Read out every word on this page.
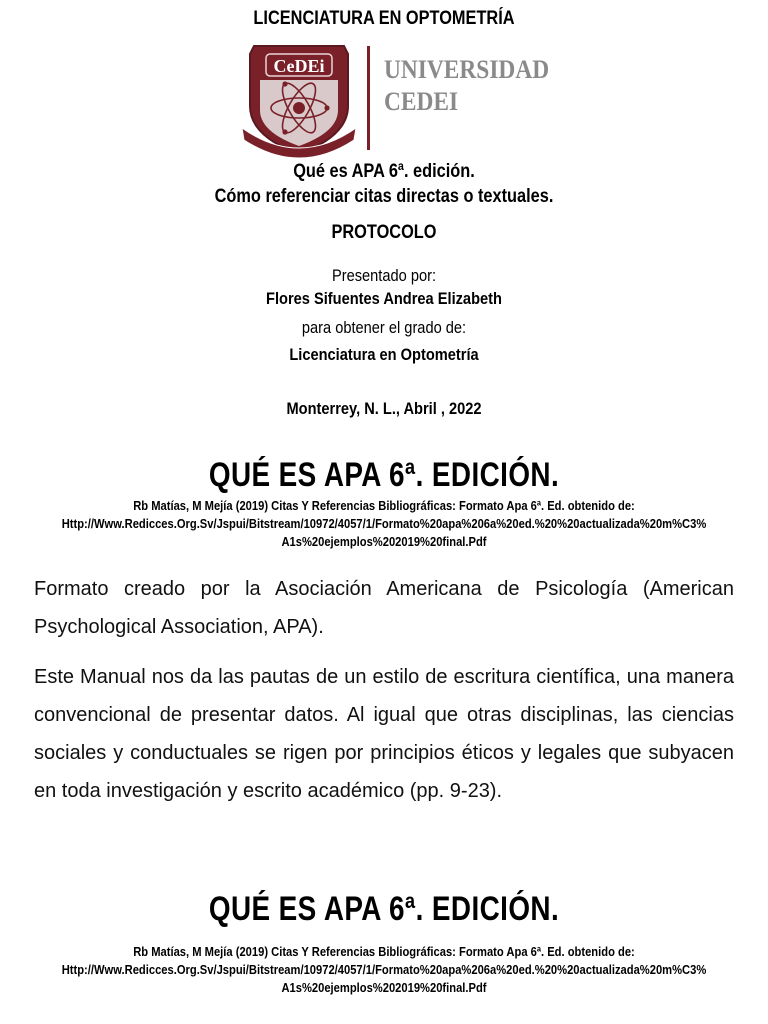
LICENCIATURA EN OPTOMETRÍA
CeDEi UNIVERSIDAD
CEDEI
Qué es APA 6ª. edición.
Cómo referenciar citas directas o textuales.
PROTOCOLO
Presentado por:
Flores Sifuentes Andrea Elizabeth
para obtener el grado de:
Licenciatura en Optometría
Monterrey, N. L., Abril , 2022
QUÉ ES APA 6ª. EDICIÓN.
Rb Matías, M Mejía (2019) Citas Y Referencias Bibliográficas: Formato Apa 6ª. Ed. obtenido de:
Http://Www.Redicces.Org.Sv/Jspui/Bitstream/10972/4057/1/Formato%20apa%206a%20ed.%20%20actualizada%20m%C3%
A1s%20ejemplos%202019%20final.Pdf
Formato creado por la Asociación Americana de Psicología (American Psychological Association, APA).
Este Manual nos da las pautas de un estilo de escritura científica, una manera convencional de presentar datos. Al igual que otras disciplinas, las ciencias sociales y conductuales se rigen por principios éticos y legales que subyacen en toda investigación y escrito académico (pp. 9-23).
QUÉ ES APA 6ª. EDICIÓN.
Rb Matías, M Mejía (2019) Citas Y Referencias Bibliográficas: Formato Apa 6ª. Ed. obtenido de:
Http://Www.Redicces.Org.Sv/Jspui/Bitstream/10972/4057/1/Formato%20apa%206a%20ed.%20%20actualizada%20m%C3%
A1s%20ejemplos%202019%20final.Pdf
